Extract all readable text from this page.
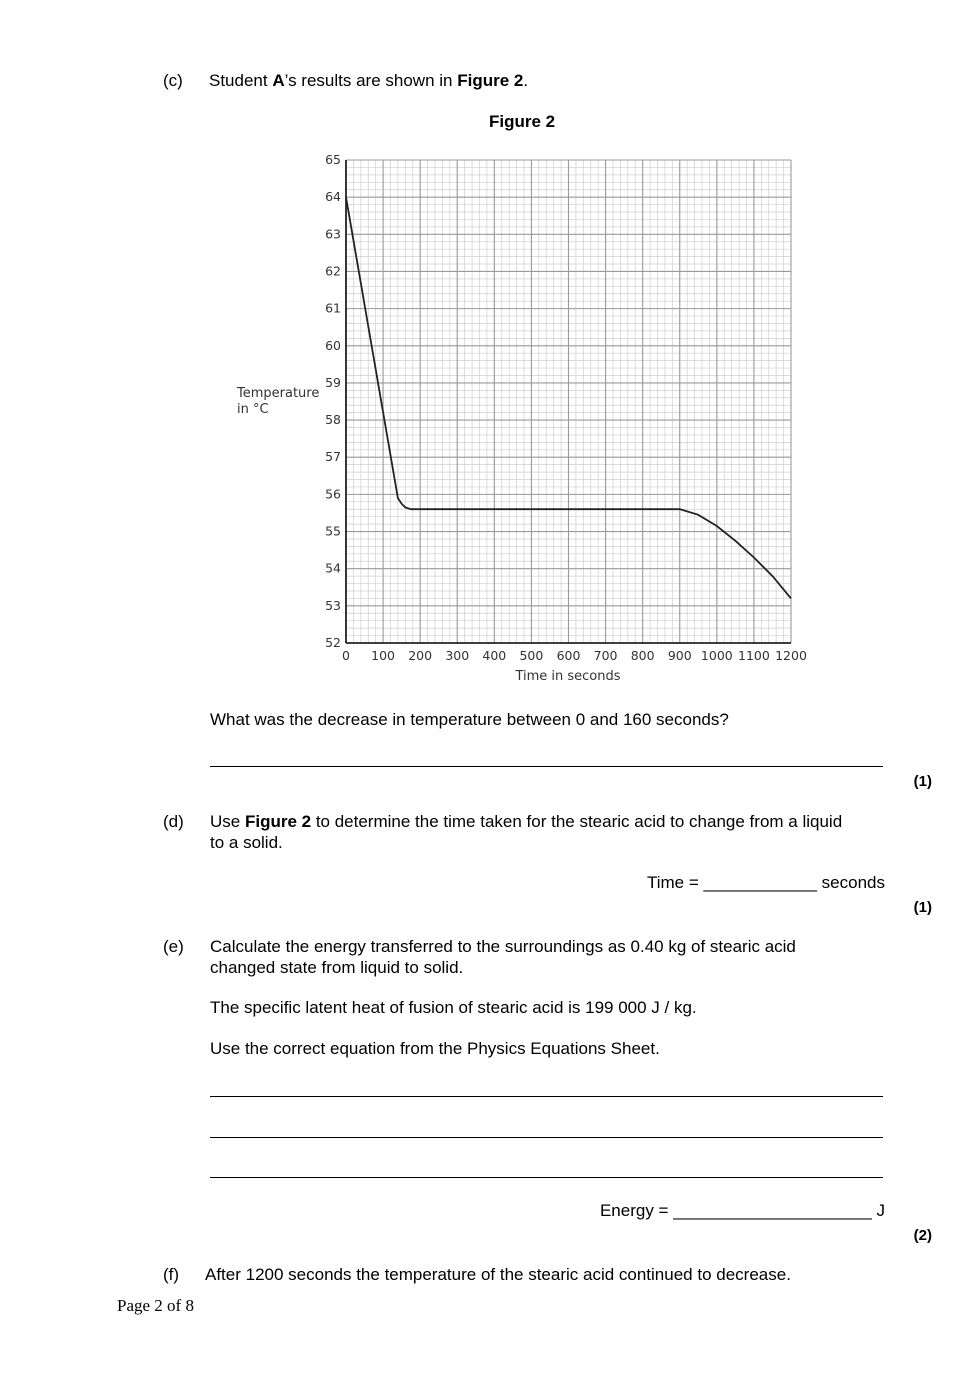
(c) Student A’s results are shown in Figure 2.
Figure 2
0 100 200 300 400 500 600 700 800 900 1000 1100 1200
52
53
54
55
56
57
58
59
60
61
62
63
64
65
Temperature
in °C
Time in seconds
What was the decrease in temperature between 0 and 160 seconds?
(1)
(d) Use Figure 2 to determine the time taken for the stearic acid to change from a liquid
to a solid.
Time = ____________ seconds
(1)
(e) Calculate the energy transferred to the surroundings as 0.40 kg of stearic acid
changed state from liquid to solid.
The specific latent heat of fusion of stearic acid is 199 000 J / kg.
Use the correct equation from the Physics Equations Sheet.
Energy = _____________________ J
(2)
(f) After 1200 seconds the temperature of the stearic acid continued to decrease.
Page 2 of 8
